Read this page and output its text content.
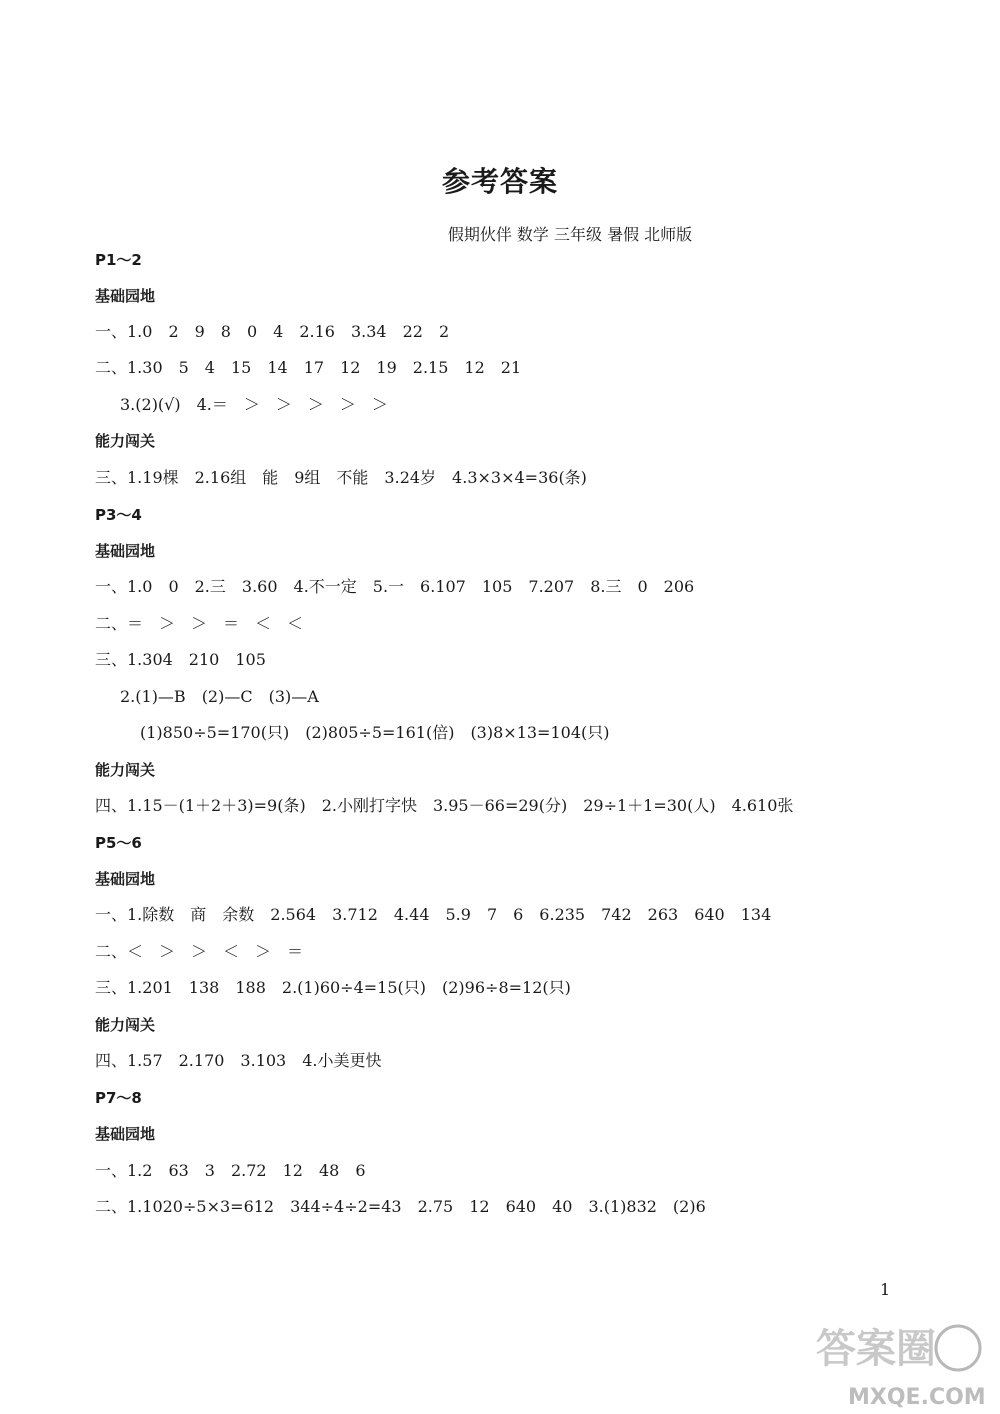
参考答案
假期伙伴 数学 三年级 暑假 北师版
P1～2
基础园地
一、1.0　2　9　8　0　4　2.16　3.34　22　2
二、1.30　5　4　15　14　17　12　19　2.15　12　21
3.(2)(√)　4.＝　＞　＞　＞　＞　＞
能力闯关
三、1.19棵　2.16组　能　9组　不能　3.24岁　4.3×3×4=36(条)
P3～4
基础园地
一、1.0　0　2.三　3.60　4.不一定　5.一　6.107　105　7.207　8.三　0　206
二、＝　＞　＞　＝　＜　＜
三、1.304　210　105
2.(1)—B　(2)—C　(3)—A
(1)850÷5=170(只)　(2)805÷5=161(倍)　(3)8×13=104(只)
能力闯关
四、1.15－(1＋2＋3)=9(条)　2.小刚打字快　3.95－66=29(分)　29÷1＋1=30(人)　4.610张
P5～6
基础园地
一、1.除数　商　余数　2.564　3.712　4.44　5.9　7　6　6.235　742　263　640　134
二、＜　＞　＞　＜　＞　＝
三、1.201　138　188　2.(1)60÷4=15(只)　(2)96÷8=12(只)
能力闯关
四、1.57　2.170　3.103　4.小美更快
P7～8
基础园地
一、1.2　63　3　2.72　12　48　6
二、1.1020÷5×3=612　344÷4÷2=43　2.75　12　640　40　3.(1)832　(2)6
1
答案圈
MXQE.COM
